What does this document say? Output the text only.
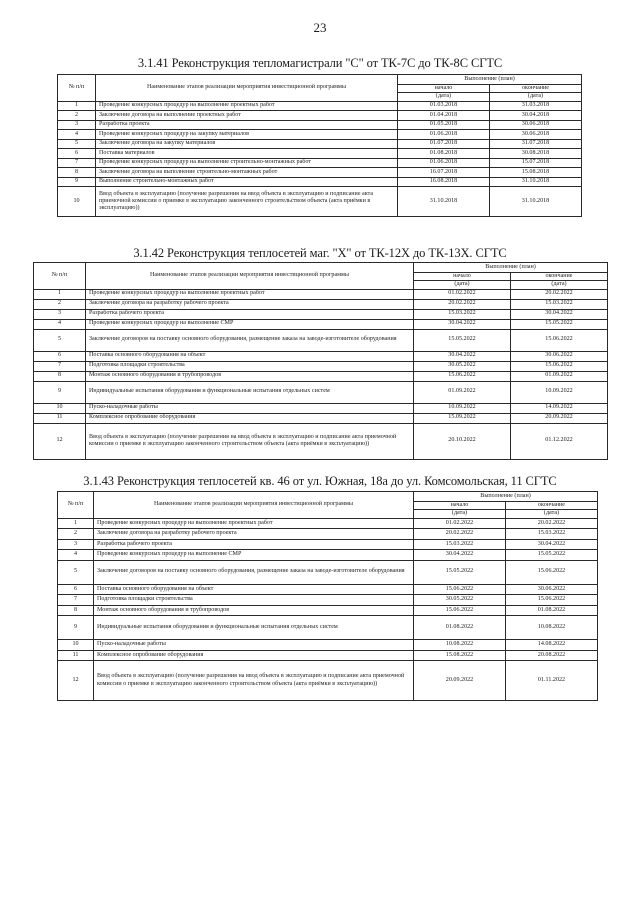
23
3.1.41 Реконструкция тепломагистрали "С" от ТК-7С до ТК-8С СГТС
№ п/п	Наименование этапов реализации мероприятия инвестиционной программы	Выполнение (план)	
		начало	окончание
		(дата)	(дата)
1	Проведение конкурсных процедур на выполнение проектных работ	01.03.2018	31.03.2018
2	Заключение договора на выполнение проектных работ	01.04.2018	30.04.2018
3	Разработка проекта	01.05.2018	30.06.2018
4	Проведение конкурсных процедур на закупку материалов	01.06.2018	30.06.2018
5	Заключение договора на закупку материалов	01.07.2018	31.07.2018
6	Поставка материалов	01.08.2018	30.08.2018
7	Проведение конкурсных процедур на выполнение строительно-монтажных работ	01.06.2018	15.07.2018
8	Заключение договора на выполнение строительно-монтажных работ	16.07.2018	15.08.2018
9	Выполнение строительно-монтажных работ	16.08.2018	31.10.2018
10	Ввод объекта в эксплуатацию (получение разрешения на ввод объекта в эксплуатацию и подписание акта приемочной комиссии о приемке в эксплуатацию законченного строительством объекта (акта приёмки в эксплуатацию))	31.10.2018	31.10.2018
3.1.42 Реконструкция теплосетей маг. "Х" от ТК-12Х до ТК-13Х. СГТС
№ п/п	Наименование этапов реализации мероприятия инвестиционной программы	Выполнение (план)	
		начало	окончание
		(дата)	(дата)
1	Проведение конкурсных процедур на выполнение проектных работ	01.02.2022	20.02.2022
2	Заключение договора на разработку рабочего проекта	20.02.2022	15.03.2022
3	Разработка рабочего проекта	15.03.2022	30.04.2022
4	Проведение конкурсных процедур на выполнение СМР	30.04.2022	15.05.2022
5	Заключение договоров на поставку основного оборудования, размещение заказа на заводе-изготовителе оборудования	15.05.2022	15.06.2022
6	Поставка основного оборудования на объект	30.04.2022	30.06.2022
7	Подготовка площадки строительства	30.05.2022	15.06.2022
8	Монтаж основного оборудования и трубопроводов	15.06.2022	01.09.2022
9	Индивидуальные испытания оборудования и функциональные испытания отдельных систем	01.09.2022	10.09.2022
10	Пуско-наладочные работы	10.09.2022	14.09.2022
11	Комплексное опробование оборудования	15.09.2022	20.09.2022
12	Ввод объекта в эксплуатацию (получение разрешения на ввод объекта в эксплуатацию и подписание акта приемочной комиссии о приемке в эксплуатацию законченного строительством объекта (акта приёмки в эксплуатацию))	20.10.2022	01.12.2022
3.1.43 Реконструкция теплосетей кв. 46 от ул. Южная, 18а до ул. Комсомольская, 11 СГТС
№ п/п	Наименование этапов реализации мероприятия инвестиционной программы	Выполнение (план)	
		начало	окончание
		(дата)	(дата)
1	Проведение конкурсных процедур на выполнение проектных работ	01.02.2022	20.02.2022
2	Заключение договора на разработку рабочего проекта	20.02.2022	15.03.2022
3	Разработка рабочего проекта	15.03.2022	30.04.2022
4	Проведение конкурсных процедур на выполнение СМР	30.04.2022	15.05.2022
5	Заключение договоров на поставку основного оборудования, размещение заказа на заводе-изготовителе оборудования	15.05.2022	15.06.2022
6	Поставка основного оборудования на объект	15.06.2022	30.06.2022
7	Подготовка площадки строительства	30.05.2022	15.06.2022
8	Монтаж основного оборудования и трубопроводов	15.06.2022	01.08.2022
9	Индивидуальные испытания оборудования и функциональные испытания отдельных систем	01.08.2022	10.08.2022
10	Пуско-наладочные работы	10.08.2022	14.08.2022
11	Комплексное опробование оборудования	15.08.2022	20.08.2022
12	Ввод объекта в эксплуатацию (получение разрешения на ввод объекта в эксплуатацию и подписание акта приемочной комиссии о приемке в эксплуатацию законченного строительством объекта (акта приёмки в эксплуатацию))	20.09.2022	01.11.2022
